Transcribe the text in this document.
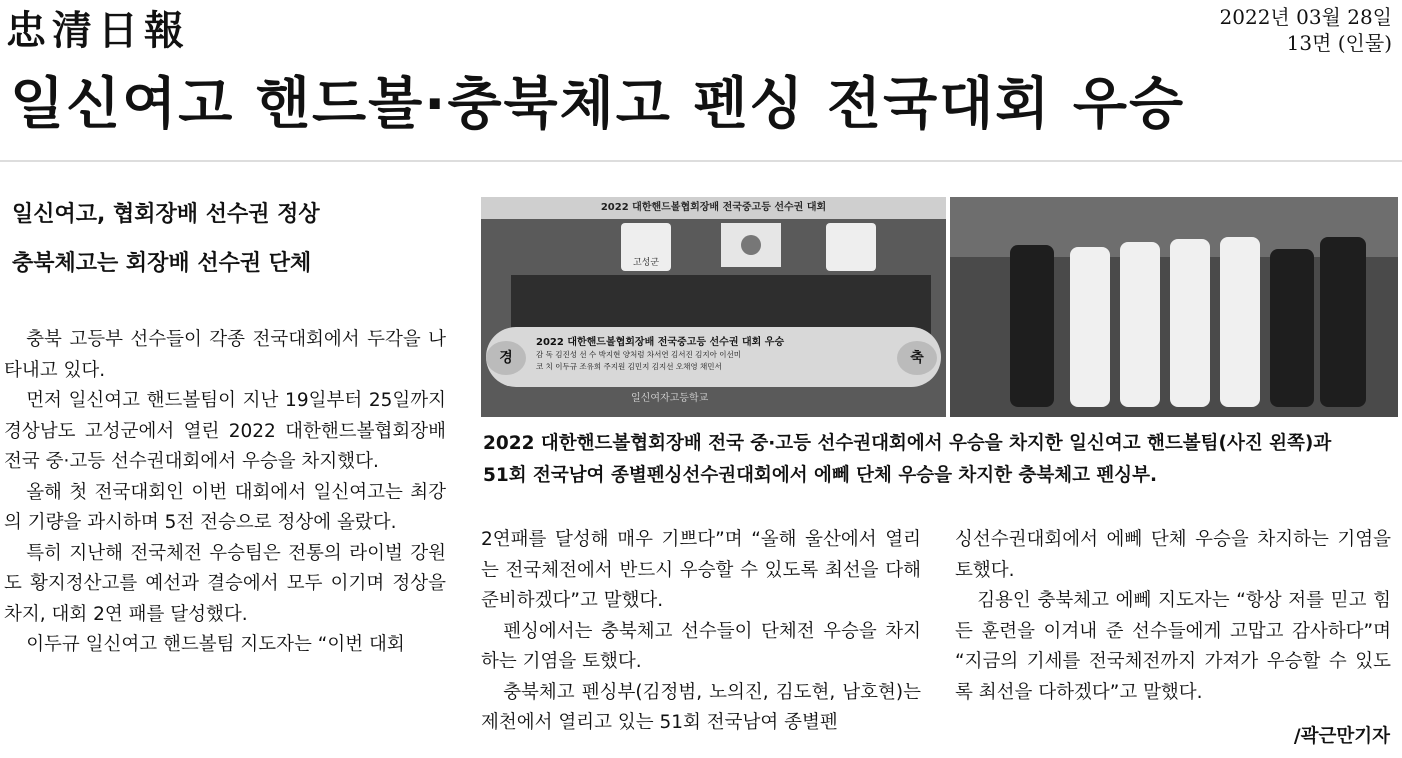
忠清日報	2022년 03월 28일
13면 (인물)
일신여고 핸드볼·충북체고 펜싱 전국대회 우승
일신여고, 협회장배 선수권 정상
충북체고는 회장배 선수권 단체

충북 고등부 선수들이 각종 전국대회에서 두각을 나타내고 있다.

먼저 일신여고 핸드볼팀이 지난 19일부터 25일까지 경상남도 고성군에서 열린 2022 대한핸드볼협회장배 전국 중·고등 선수권대회에서 우승을 차지했다.

올해 첫 전국대회인 이번 대회에서 일신여고는 최강의 기량을 과시하며 5전 전승으로 정상에 올랐다.

특히 지난해 전국체전 우승팀은 전통의 라이벌 강원도 황지정산고를 예선과 결승에서 모두 이기며 정상을 차지, 대회 2연 패를 달성했다.

이두규 일신여고 핸드볼팀 지도자는 “이번 대회

2022 대한핸드볼협회장배 전국중고등 선수권 대회
고성군
경
2022 대한핸드볼협회장배 전국중고등 선수권 대회 우승
감 독 김진성 선 수 박지현 양처럼 차서연 김서진 김지아 이선미
코 치 이두규 조유희 주지원 김민지 김지선 오채영 채민서
축
일신여자고등학교
2022 대한핸드볼협회장배 전국 중·고등 선수권대회에서 우승을 차지한 일신여고 핸드볼팀(사진 왼쪽)과
51회 전국남여 종별펜싱선수권대회에서 에뻬 단체 우승을 차지한 충북체고 펜싱부.

2연패를 달성해 매우 기쁘다”며 “올해 울산에서 열리는 전국체전에서 반드시 우승할 수 있도록 최선을 다해 준비하겠다”고 말했다.

펜싱에서는 충북체고 선수들이 단체전 우승을 차지하는 기염을 토했다.

충북체고 펜싱부(김정범, 노의진, 김도현, 남호현)는 제천에서 열리고 있는 51회 전국남여 종별펜

싱선수권대회에서 에뻬 단체 우승을 차지하는 기염을 토했다.

김용인 충북체고 에뻬 지도자는 “항상 저를 믿고 힘든 훈련을 이겨내 준 선수들에게 고맙고 감사하다”며 “지금의 기세를 전국체전까지 가져가 우승할 수 있도록 최선을 다하겠다”고 말했다.

/곽근만기자
